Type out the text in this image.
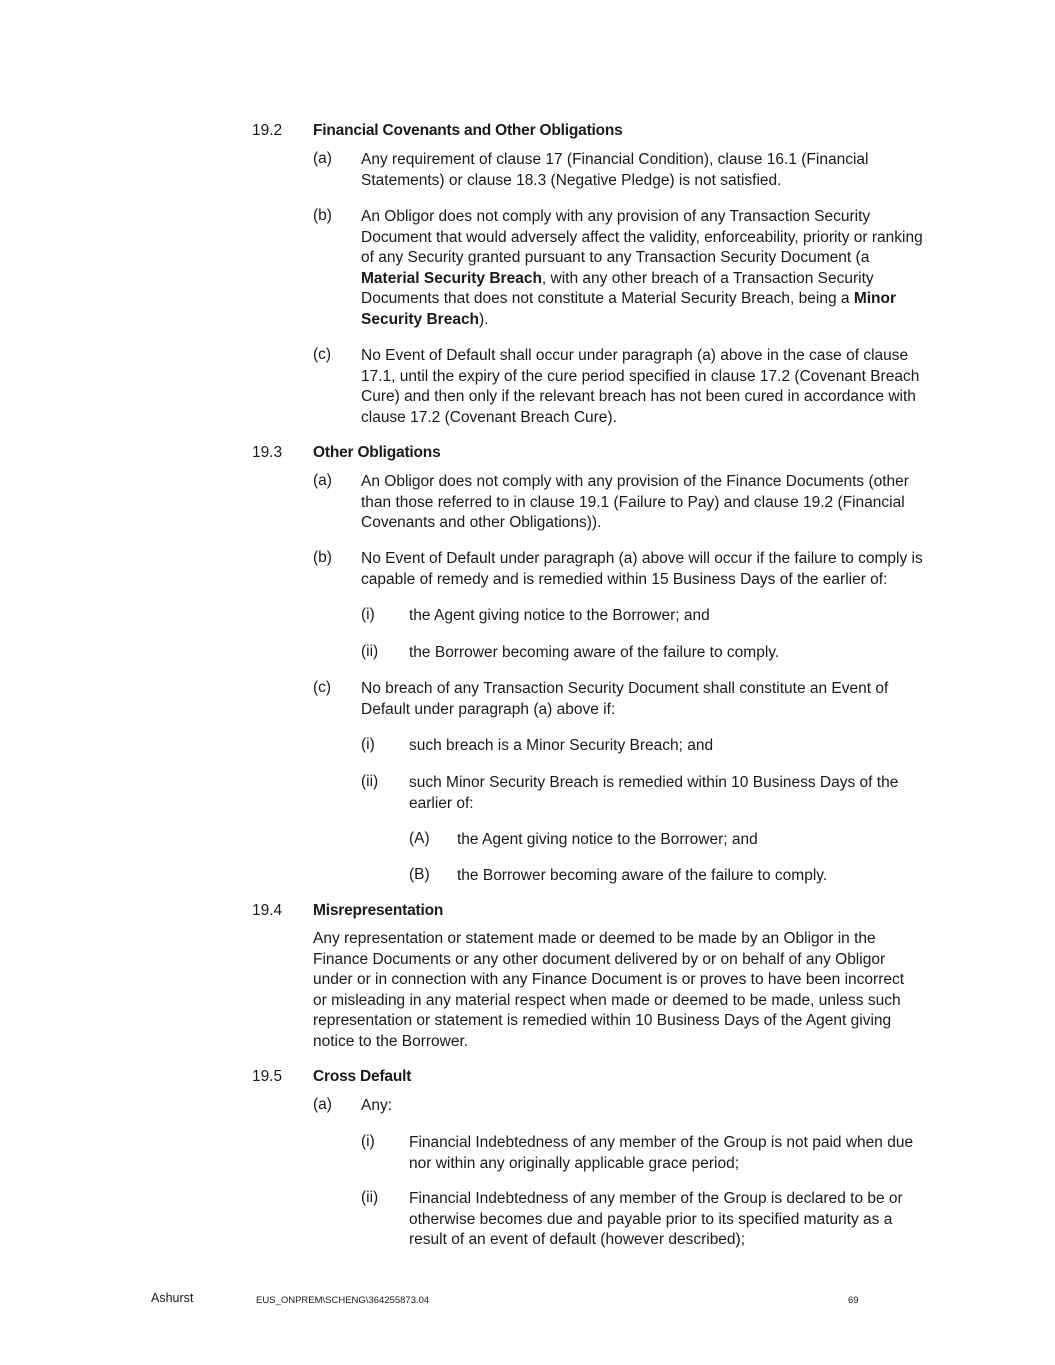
19.2 Financial Covenants and Other Obligations
(a) Any requirement of clause 17 (Financial Condition), clause 16.1 (Financial Statements) or clause 18.3 (Negative Pledge) is not satisfied.
(b) An Obligor does not comply with any provision of any Transaction Security Document that would adversely affect the validity, enforceability, priority or ranking of any Security granted pursuant to any Transaction Security Document (a Material Security Breach, with any other breach of a Transaction Security Documents that does not constitute a Material Security Breach, being a Minor Security Breach).
(c) No Event of Default shall occur under paragraph (a) above in the case of clause 17.1, until the expiry of the cure period specified in clause 17.2 (Covenant Breach Cure) and then only if the relevant breach has not been cured in accordance with clause 17.2 (Covenant Breach Cure).
19.3 Other Obligations
(a) An Obligor does not comply with any provision of the Finance Documents (other than those referred to in clause 19.1 (Failure to Pay) and clause 19.2 (Financial Covenants and other Obligations)).
(b) No Event of Default under paragraph (a) above will occur if the failure to comply is capable of remedy and is remedied within 15 Business Days of the earlier of:
(i) the Agent giving notice to the Borrower; and
(ii) the Borrower becoming aware of the failure to comply.
(c) No breach of any Transaction Security Document shall constitute an Event of Default under paragraph (a) above if:
(i) such breach is a Minor Security Breach; and
(ii) such Minor Security Breach is remedied within 10 Business Days of the earlier of:
(A) the Agent giving notice to the Borrower; and
(B) the Borrower becoming aware of the failure to comply.
19.4 Misrepresentation
Any representation or statement made or deemed to be made by an Obligor in the Finance Documents or any other document delivered by or on behalf of any Obligor under or in connection with any Finance Document is or proves to have been incorrect or misleading in any material respect when made or deemed to be made, unless such representation or statement is remedied within 10 Business Days of the Agent giving notice to the Borrower.
19.5 Cross Default
(a) Any:
(i) Financial Indebtedness of any member of the Group is not paid when due nor within any originally applicable grace period;
(ii) Financial Indebtedness of any member of the Group is declared to be or otherwise becomes due and payable prior to its specified maturity as a result of an event of default (however described);
Ashurst	EUS_ONPREM\SCHENG\364255873.04	69
